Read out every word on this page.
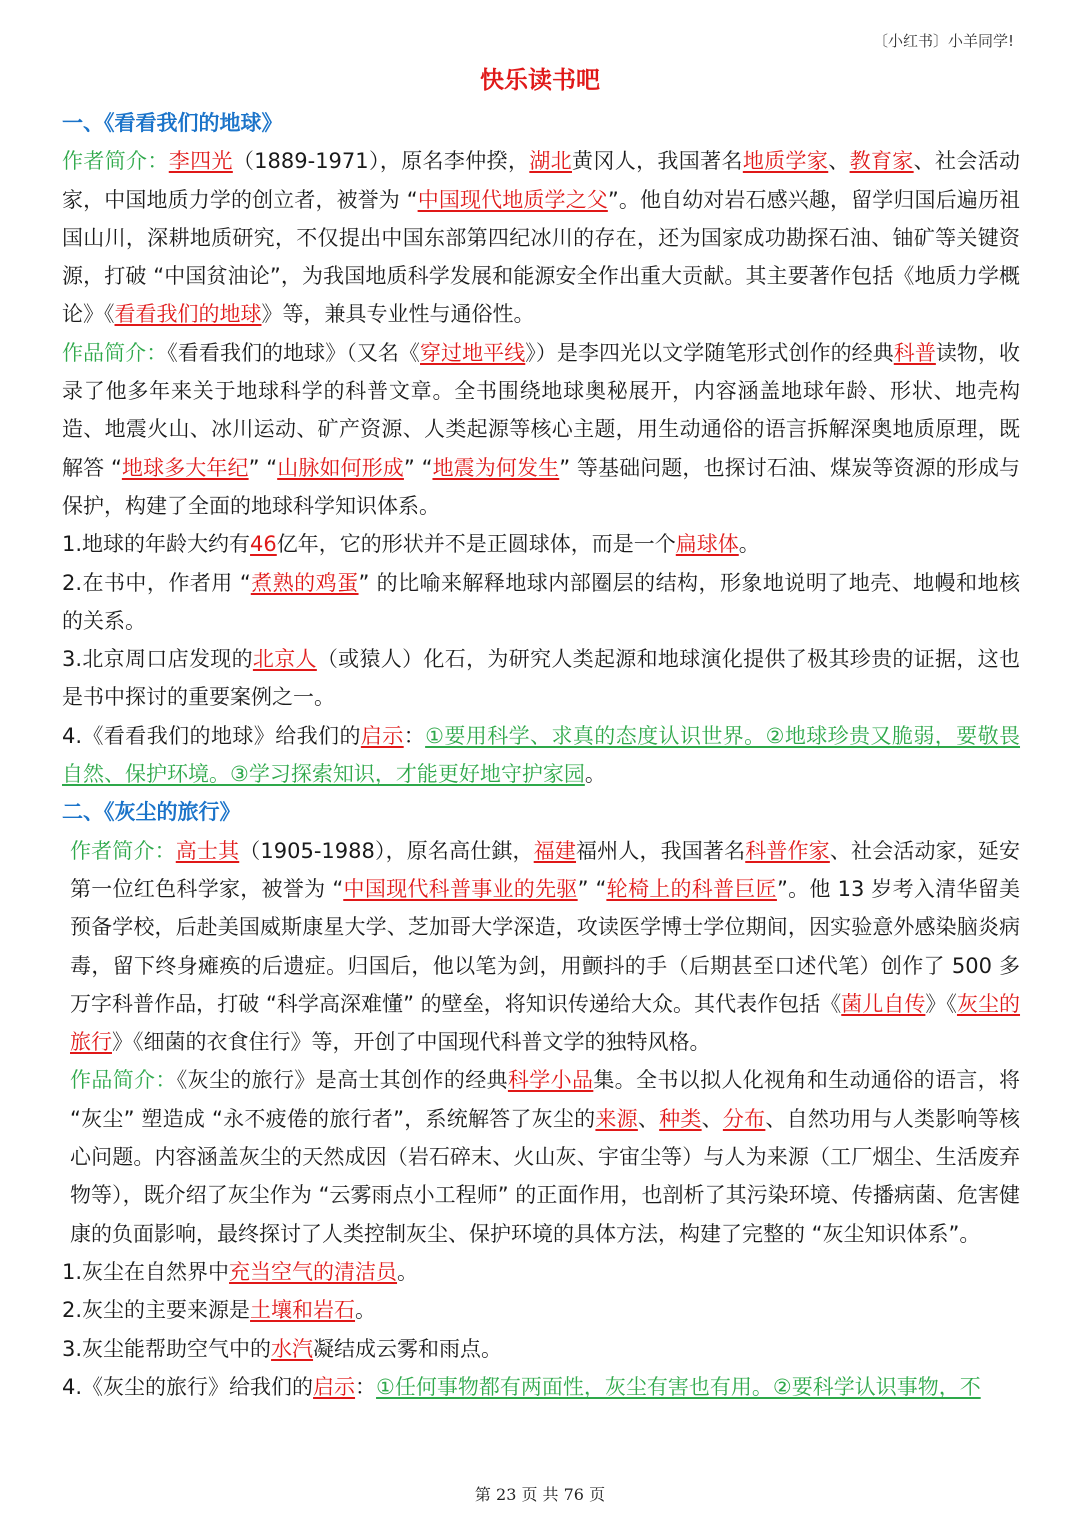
〔小红书〕小羊同学!
快乐读书吧
一、《看看我们的地球》
作者简介：李四光（1889-1971），原名李仲揆，湖北黄冈人，我国著名地质学家、教育家、社会活动家，中国地质力学的创立者，被誉为 “中国现代地质学之父”。他自幼对岩石感兴趣，留学归国后遍历祖国山川，深耕地质研究，不仅提出中国东部第四纪冰川的存在，还为国家成功勘探石油、铀矿等关键资源，打破 “中国贫油论”，为我国地质科学发展和能源安全作出重大贡献。其主要著作包括《地质力学概论》《看看我们的地球》等，兼具专业性与通俗性。
作品简介：《看看我们的地球》（又名《穿过地平线》）是李四光以文学随笔形式创作的经典科普读物，收录了他多年来关于地球科学的科普文章。全书围绕地球奥秘展开，内容涵盖地球年龄、形状、地壳构造、地震火山、冰川运动、矿产资源、人类起源等核心主题，用生动通俗的语言拆解深奥地质原理，既解答 “地球多大年纪” “山脉如何形成” “地震为何发生” 等基础问题，也探讨石油、煤炭等资源的形成与保护，构建了全面的地球科学知识体系。
1.地球的年龄大约有46亿年，它的形状并不是正圆球体，而是一个扁球体。
2.在书中，作者用 “煮熟的鸡蛋” 的比喻来解释地球内部圈层的结构，形象地说明了地壳、地幔和地核的关系。
3.北京周口店发现的北京人（或猿人）化石，为研究人类起源和地球演化提供了极其珍贵的证据，这也是书中探讨的重要案例之一。
4.《看看我们的地球》给我们的启示：①要用科学、求真的态度认识世界。②地球珍贵又脆弱，要敬畏自然、保护环境。③学习探索知识，才能更好地守护家园。
二、《灰尘的旅行》
作者简介：高士其（1905-1988），原名高仕錤，福建福州人，我国著名科普作家、社会活动家，延安第一位红色科学家，被誉为 “中国现代科普事业的先驱” “轮椅上的科普巨匠”。他 13 岁考入清华留美预备学校，后赴美国威斯康星大学、芝加哥大学深造，攻读医学博士学位期间，因实验意外感染脑炎病毒，留下终身瘫痪的后遗症。归国后，他以笔为剑，用颤抖的手（后期甚至口述代笔）创作了 500 多万字科普作品，打破 “科学高深难懂” 的壁垒，将知识传递给大众。其代表作包括《菌儿自传》《灰尘的旅行》《细菌的衣食住行》等，开创了中国现代科普文学的独特风格。
作品简介：《灰尘的旅行》是高士其创作的经典科学小品集。全书以拟人化视角和生动通俗的语言，将 “灰尘” 塑造成 “永不疲倦的旅行者”，系统解答了灰尘的来源、种类、分布、自然功用与人类影响等核心问题。内容涵盖灰尘的天然成因（岩石碎末、火山灰、宇宙尘等）与人为来源（工厂烟尘、生活废弃物等），既介绍了灰尘作为 “云雾雨点小工程师” 的正面作用，也剖析了其污染环境、传播病菌、危害健康的负面影响，最终探讨了人类控制灰尘、保护环境的具体方法，构建了完整的 “灰尘知识体系”。
1.灰尘在自然界中充当空气的清洁员。
2.灰尘的主要来源是土壤和岩石。
3.灰尘能帮助空气中的水汽凝结成云雾和雨点。
4.《灰尘的旅行》给我们的启示：①任何事物都有两面性，灰尘有害也有用。②要科学认识事物，不
第 23 页 共 76 页
